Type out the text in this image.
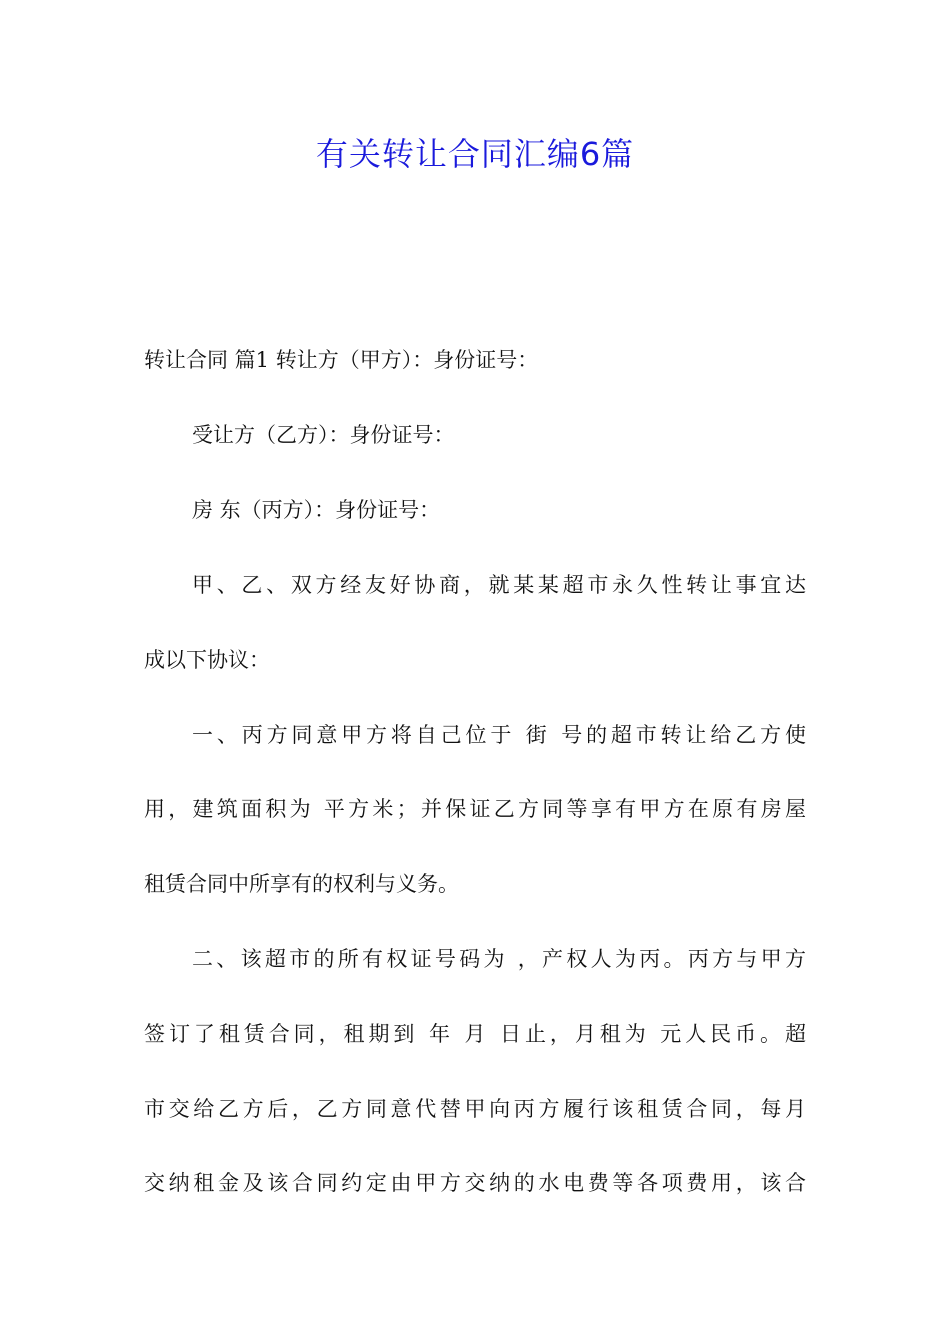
有关转让合同汇编6篇
转让合同 篇1 转让方（甲方）：身份证号：
受让方（乙方）：身份证号：
房 东（丙方）：身份证号：
甲、乙、双方经友好协商，就某某超市永久性转让事宜达
成以下协议：
一、丙方同意甲方将自己位于 街 号的超市转让给乙方使
用，建筑面积为 平方米；并保证乙方同等享有甲方在原有房屋
租赁合同中所享有的权利与义务。
二、该超市的所有权证号码为 ，产权人为丙。丙方与甲方
签订了租赁合同，租期到 年 月 日止，月租为 元人民币。超
市交给乙方后，乙方同意代替甲向丙方履行该租赁合同，每月
交纳租金及该合同约定由甲方交纳的水电费等各项费用，该合
